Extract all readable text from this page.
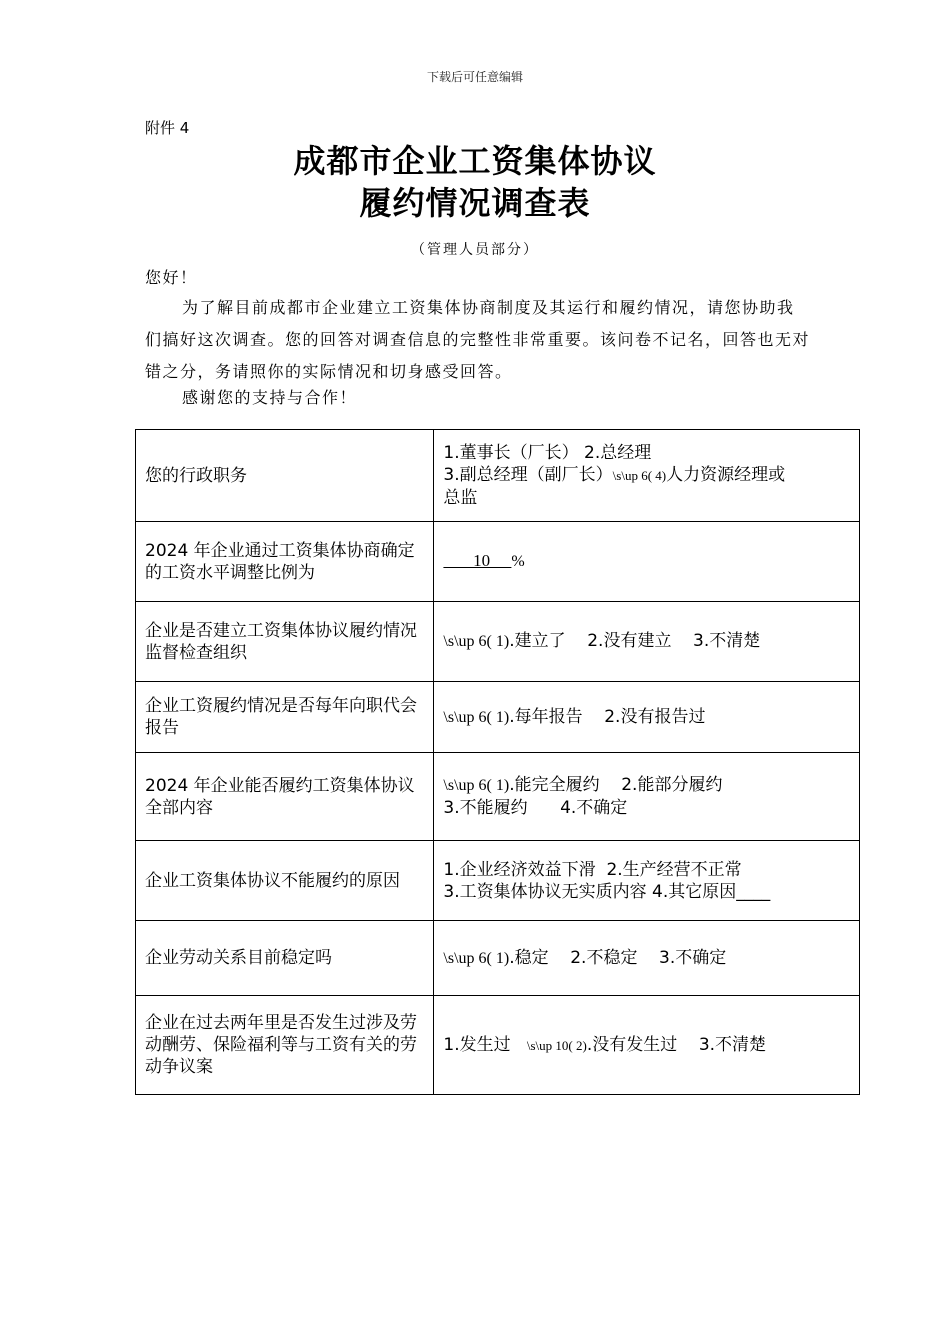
下载后可任意编辑
附件 4
成都市企业工资集体协议
履约情况调查表
（管理人员部分）
您好！
为了解目前成都市企业建立工资集体协商制度及其运行和履约情况，请您协助我们搞好这次调查。您的回答对调查信息的完整性非常重要。该问卷不记名，回答也无对错之分，务请照你的实际情况和切身感受回答。
感谢您的支持与合作！
您的行政职务	1.董事长（厂长） 2.总经理
3.副总经理（副厂长）\s\up 6( 4)人力资源经理或
总监

2024 年企业通过工资集体协商确定的工资水平调整比例为	10     %
企业是否建立工资集体协议履约情况监督检查组织	\s\up 6( 1).建立了    2.没有建立    3.不清楚
企业工资履约情况是否每年向职代会报告	\s\up 6( 1).每年报告    2.没有报告过
2024 年企业能否履约工资集体协议全部内容	\s\up 6( 1).能完全履约    2.能部分履约
3.不能履约      4.不确定

企业工资集体协议不能履约的原因	1.企业经济效益下滑  2.生产经营不正常
3.工资集体协议无实质内容 4.其它原因____

企业劳动关系目前稳定吗	\s\up 6( 1).稳定    2.不稳定    3.不确定
企业在过去两年里是否发生过涉及劳动酬劳、保险福利等与工资有关的劳动争议案	1.发生过   \s\up 10( 2).没有发生过    3.不清楚
